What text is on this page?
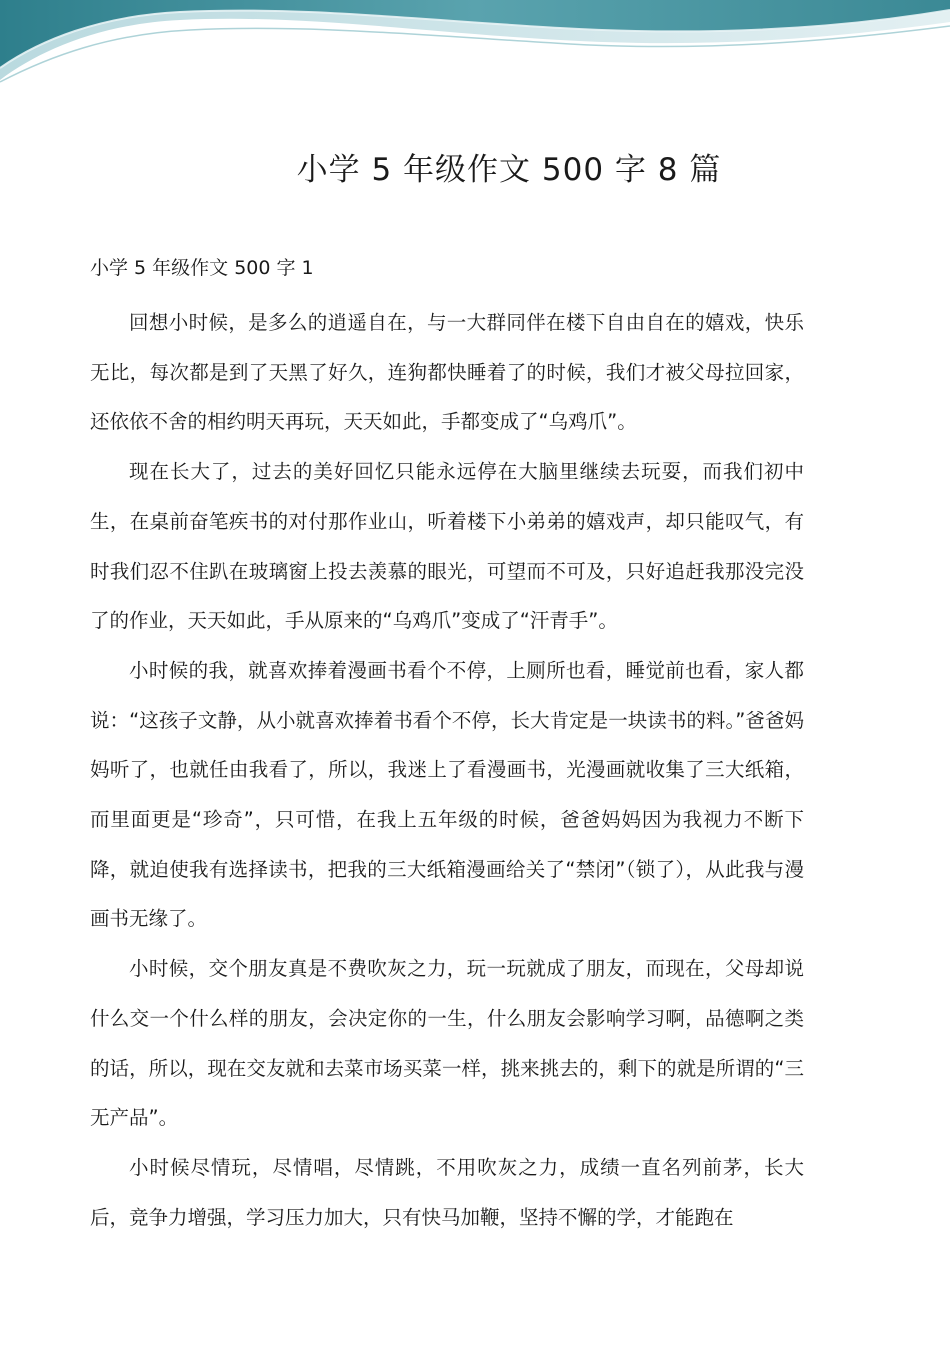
小学 5 年级作文 500 字 8 篇
小学 5 年级作文 500 字 1

回想小时候，是多么的逍遥自在，与一大群同伴在楼下自由自在的嬉戏，快乐无比，每次都是到了天黑了好久，连狗都快睡着了的时候，我们才被父母拉回家，还依依不舍的相约明天再玩，天天如此，手都变成了“乌鸡爪”。

现在长大了，过去的美好回忆只能永远停在大脑里继续去玩耍，而我们初中生，在桌前奋笔疾书的对付那作业山，听着楼下小弟弟的嬉戏声，却只能叹气，有时我们忍不住趴在玻璃窗上投去羡慕的眼光，可望而不可及，只好追赶我那没完没了的作业，天天如此，手从原来的“乌鸡爪”变成了“汗青手”。

小时候的我，就喜欢捧着漫画书看个不停，上厕所也看，睡觉前也看，家人都说：“这孩子文静，从小就喜欢捧着书看个不停，长大肯定是一块读书的料。”爸爸妈妈听了，也就任由我看了，所以，我迷上了看漫画书，光漫画就收集了三大纸箱，而里面更是“珍奇”，只可惜，在我上五年级的时候，爸爸妈妈因为我视力不断下降，就迫使我有选择读书，把我的三大纸箱漫画给关了“禁闭”（锁了），从此我与漫画书无缘了。

小时候，交个朋友真是不费吹灰之力，玩一玩就成了朋友，而现在，父母却说什么交一个什么样的朋友，会决定你的一生，什么朋友会影响学习啊，品德啊之类的话，所以，现在交友就和去菜市场买菜一样，挑来挑去的，剩下的就是所谓的“三无产品”。

小时候尽情玩，尽情唱，尽情跳，不用吹灰之力，成绩一直名列前茅，长大后，竞争力增强，学习压力加大，只有快马加鞭，坚持不懈的学，才能跑在
